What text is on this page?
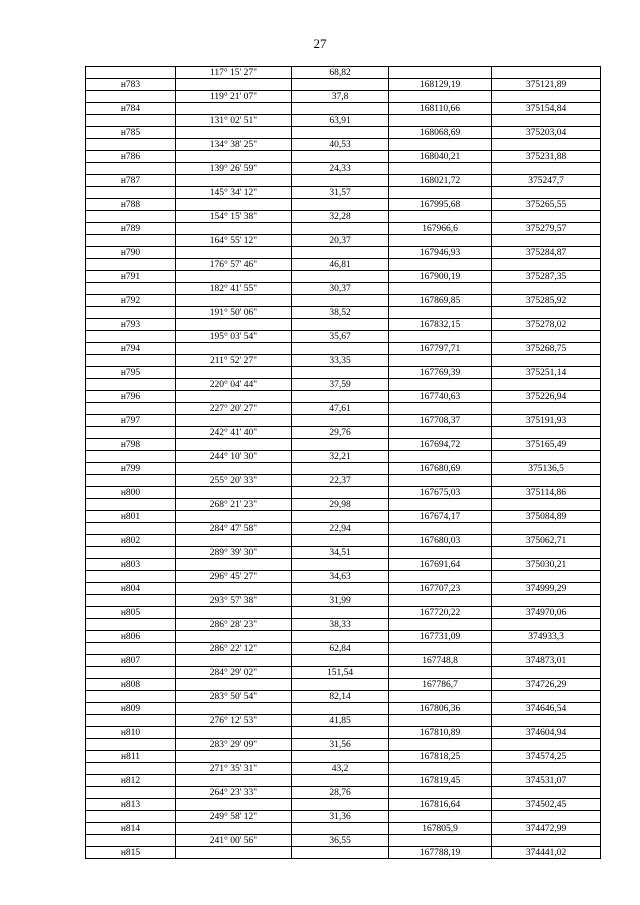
27
	117° 15' 27"	68,82		
н783			168129,19	375121,89
	119° 21' 07"	37,8		
н784			168110,66	375154,84
	131° 02' 51"	63,91		
н785			168068,69	375203,04
	134° 38' 25"	40,53		
н786			168040,21	375231,88
	139° 26' 59"	24,33		
н787			168021,72	375247,7
	145° 34' 12"	31,57		
н788			167995,68	375265,55
	154° 15' 38"	32,28		
н789			167966,6	375279,57
	164° 55' 12"	20,37		
н790			167946,93	375284,87
	176° 57' 46"	46,81		
н791			167900,19	375287,35
	182° 41' 55"	30,37		
н792			167869,85	375285,92
	191° 50' 06"	38,52		
н793			167832,15	375278,02
	195° 03' 54"	35,67		
н794			167797,71	375268,75
	211° 52' 27"	33,35		
н795			167769,39	375251,14
	220° 04' 44"	37,59		
н796			167740,63	375226,94
	227° 20' 27"	47,61		
н797			167708,37	375191,93
	242° 41' 40"	29,76		
н798			167694,72	375165,49
	244° 10' 30"	32,21		
н799			167680,69	375136,5
	255° 20' 33"	22,37		
н800			167675,03	375114,86
	268° 21' 23"	29,98		
н801			167674,17	375084,89
	284° 47' 58"	22,94		
н802			167680,03	375062,71
	289° 39' 30"	34,51		
н803			167691,64	375030,21
	296° 45' 27"	34,63		
н804			167707,23	374999,29
	293° 57' 38"	31,99		
н805			167720,22	374970,06
	286° 28' 23"	38,33		
н806			167731,09	374933,3
	286° 22' 12"	62,84		
н807			167748,8	374873,01
	284° 29' 02"	151,54		
н808			167786,7	374726,29
	283° 50' 54"	82,14		
н809			167806,36	374646,54
	276° 12' 53"	41,85		
н810			167810,89	374604,94
	283° 29' 09"	31,56		
н811			167818,25	374574,25
	271° 35' 31"	43,2		
н812			167819,45	374531,07
	264° 23' 33"	28,76		
н813			167816,64	374502,45
	249° 58' 12"	31,36		
н814			167805,9	374472,99
	241° 00' 56"	36,55		
н815			167788,19	374441,02
